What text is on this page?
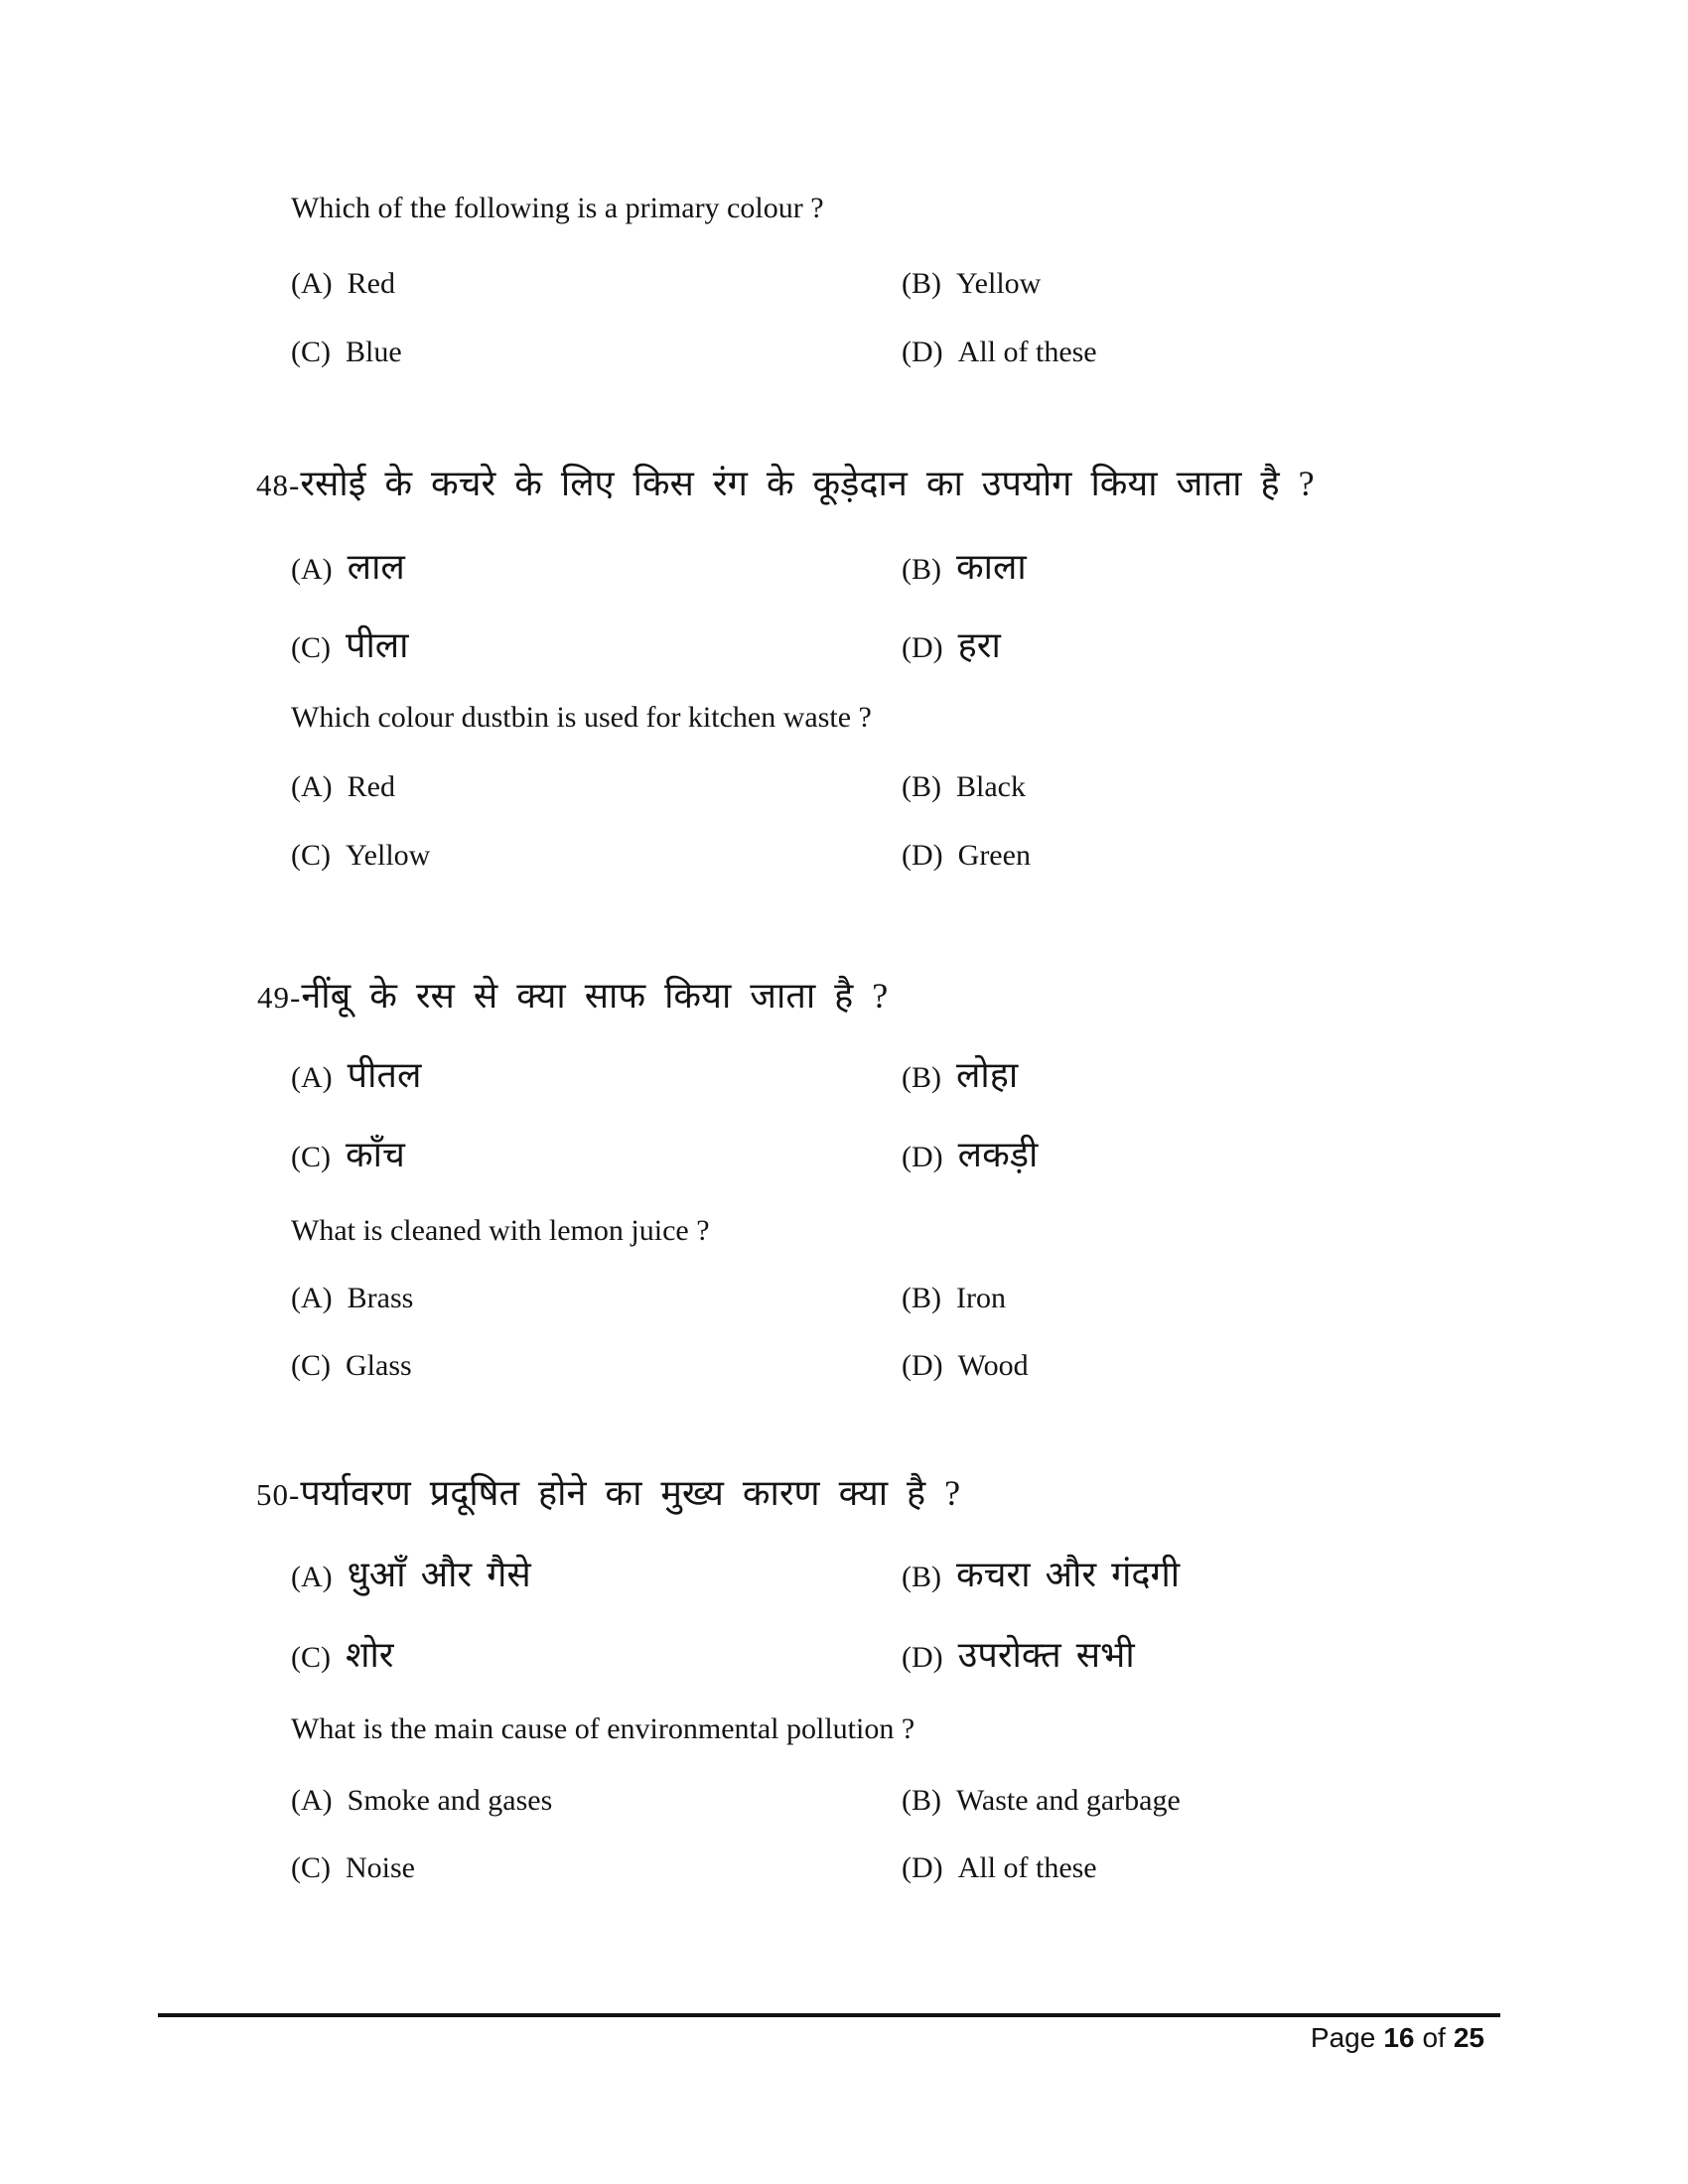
Which of the following is a primary colour ?
(A) Red	(B) Yellow
(C) Blue	(D) All of these
48-रसोई के कचरे के लिए किस रंग के कूड़ेदान का उपयोग किया जाता है ?
(A) लाल	(B) काला
(C) पीला	(D) हरा
Which colour dustbin is used for kitchen waste ?
(A) Red	(B) Black
(C) Yellow	(D) Green
49-नींबू के रस से क्या साफ किया जाता है ?
(A) पीतल	(B) लोहा
(C) काँच	(D) लकड़ी
What is cleaned with lemon juice ?
(A) Brass	(B) Iron
(C) Glass	(D) Wood
50-पर्यावरण प्रदूषित होने का मुख्य कारण क्या है ?
(A) धुआँ और गैसे	(B) कचरा और गंदगी
(C) शोर	(D) उपरोक्त सभी
What is the main cause of environmental pollution ?
(A) Smoke and gases	(B) Waste and garbage
(C) Noise	(D) All of these
Page 16 of 25
